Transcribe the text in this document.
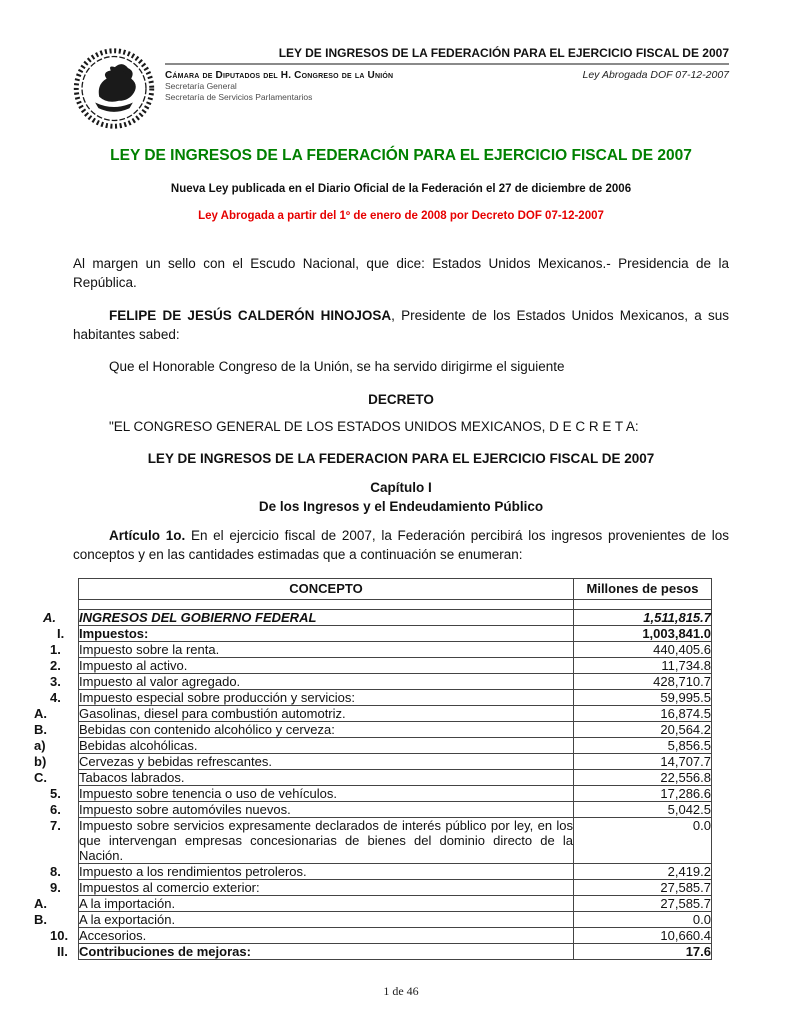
LEY DE INGRESOS DE LA FEDERACIÓN PARA EL EJERCICIO FISCAL DE 2007
Cámara de Diputados del H. Congreso de la Unión	Ley Abrogada DOF 07-12-2007
Secretaría General
Secretaría de Servicios Parlamentarios
LEY DE INGRESOS DE LA FEDERACIÓN PARA EL EJERCICIO FISCAL DE 2007
Nueva Ley publicada en el Diario Oficial de la Federación el 27 de diciembre de 2006
Ley Abrogada a partir del 1º de enero de 2008 por Decreto DOF 07-12-2007

Al margen un sello con el Escudo Nacional, que dice: Estados Unidos Mexicanos.- Presidencia de la República.

FELIPE DE JESÚS CALDERÓN HINOJOSA, Presidente de los Estados Unidos Mexicanos, a sus habitantes sabed:

Que el Honorable Congreso de la Unión, se ha servido dirigirme el siguiente

DECRETO

"EL CONGRESO GENERAL DE LOS ESTADOS UNIDOS MEXICANOS, D E C R E T A:

LEY DE INGRESOS DE LA FEDERACION PARA EL EJERCICIO FISCAL DE 2007
Capítulo I
De los Ingresos y el Endeudamiento Público

Artículo 1o. En el ejercicio fiscal de 2007, la Federación percibirá los ingresos provenientes de los conceptos y en las cantidades estimadas que a continuación se enumeran:

CONCEPTO	Millones de pesos

A. INGRESOS DEL GOBIERNO FEDERAL	1,511,815.7
I. Impuestos:	1,003,841.0
1. Impuesto sobre la renta.	440,405.6
2. Impuesto al activo.	11,734.8
3. Impuesto al valor agregado.	428,710.7
4. Impuesto especial sobre producción y servicios:	59,995.5
A. Gasolinas, diesel para combustión automotriz.	16,874.5
B. Bebidas con contenido alcohólico y cerveza:	20,564.2
a) Bebidas alcohólicas.	5,856.5
b) Cervezas y bebidas refrescantes.	14,707.7
C. Tabacos labrados.	22,556.8
5. Impuesto sobre tenencia o uso de vehículos.	17,286.6
6. Impuesto sobre automóviles nuevos.	5,042.5
7. Impuesto sobre servicios expresamente declarados de interés público por ley, en los que intervengan empresas concesionarias de bienes del dominio directo de la Nación.	0.0
8. Impuesto a los rendimientos petroleros.	2,419.2
9. Impuestos al comercio exterior:	27,585.7
A. A la importación.	27,585.7
B. A la exportación.	0.0
10. Accesorios.	10,660.4
II. Contribuciones de mejoras:	17.6
1 de 46
